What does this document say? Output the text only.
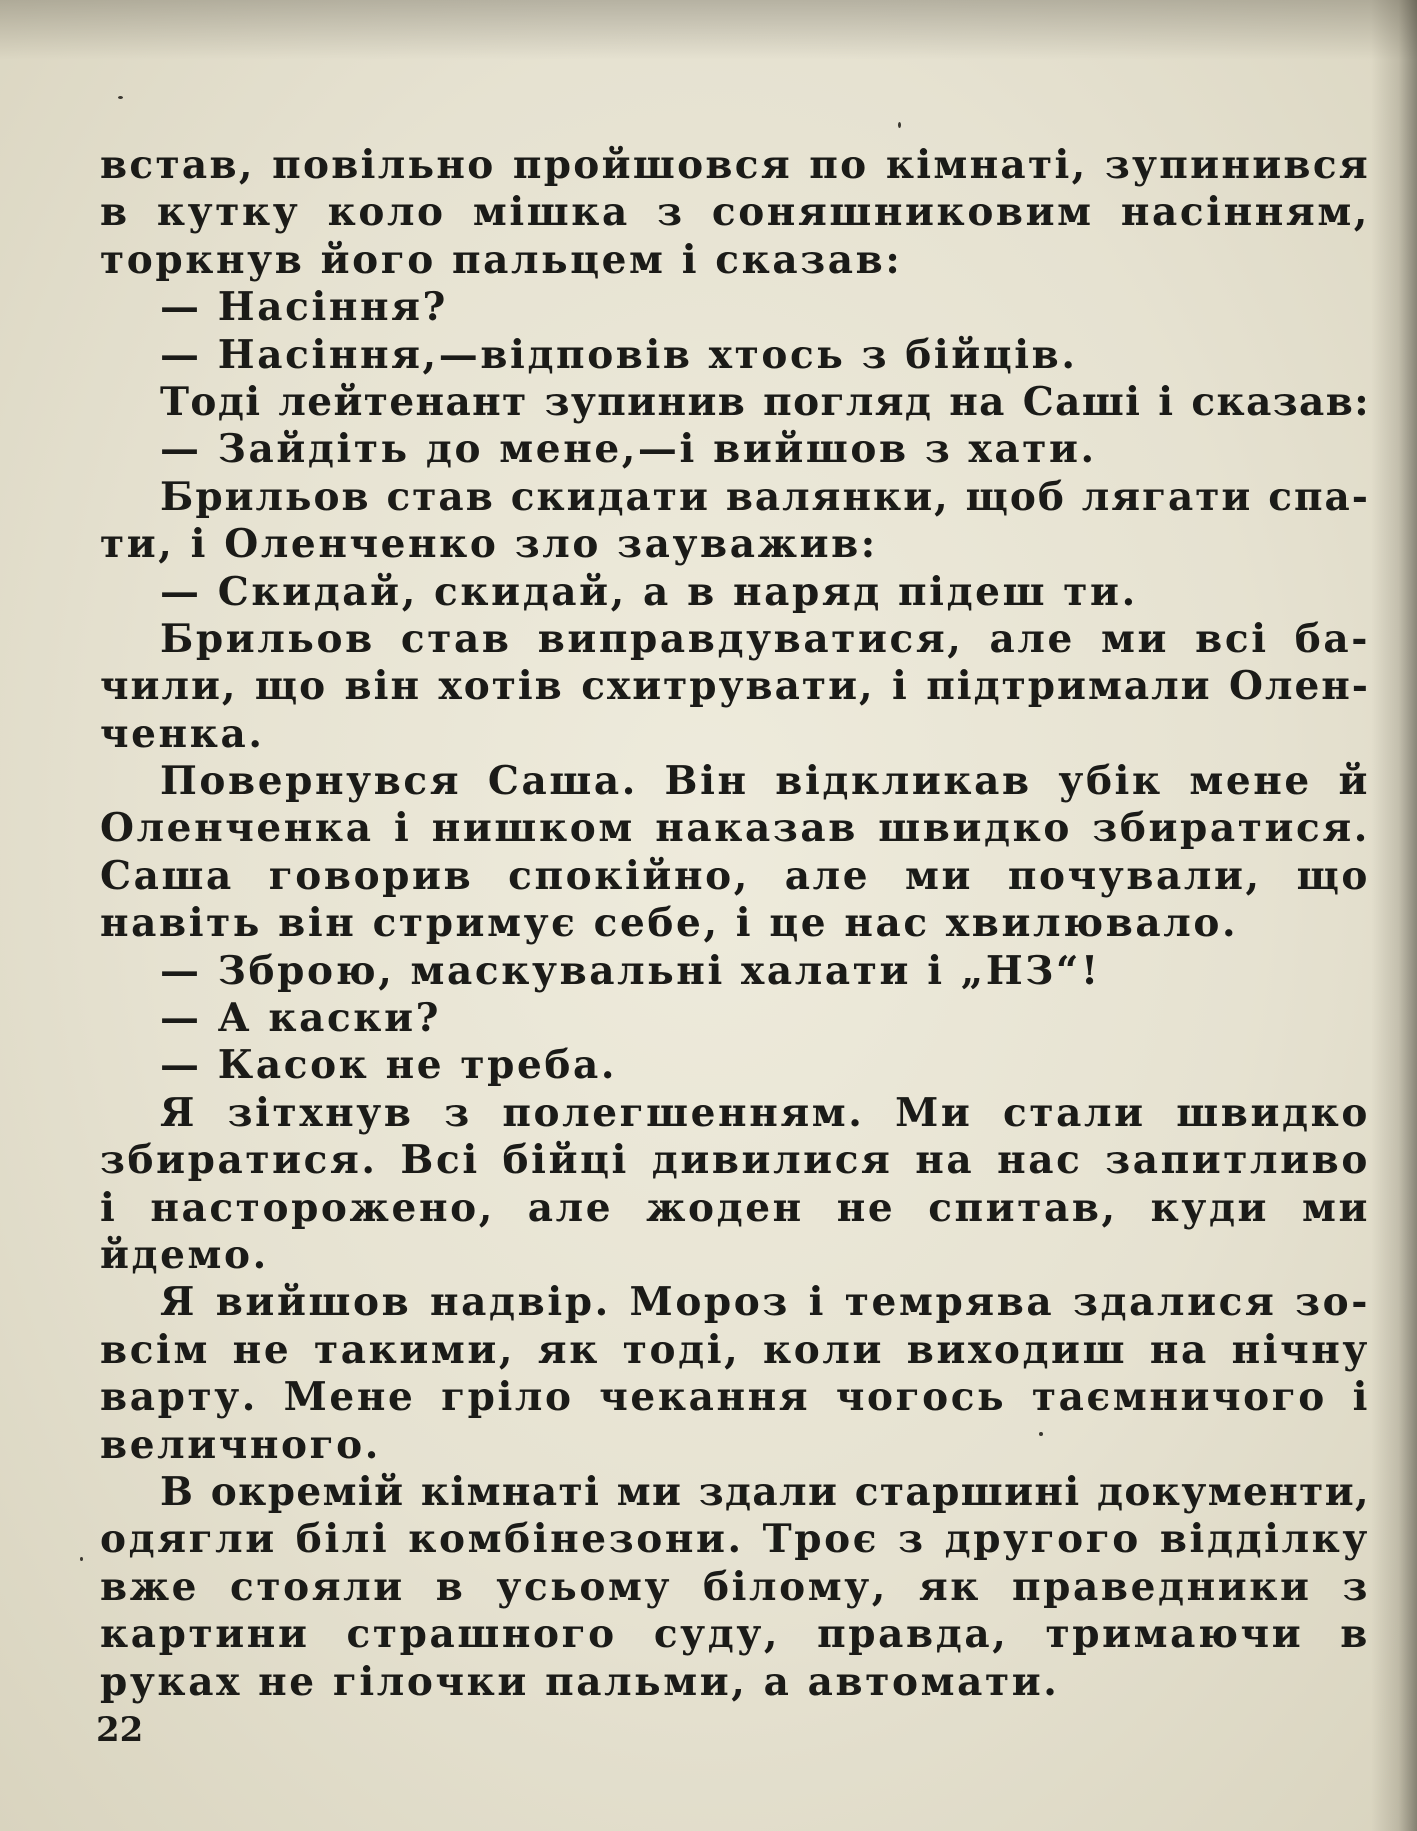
встав, повільно пройшовся по кімнаті, зупинився
в кутку коло мішка з соняшниковим насінням,
торкнув його пальцем і сказав:
— Насіння?
— Насіння,—відповів хтось з бійців.
Тоді лейтенант зупинив погляд на Саші і сказав:
— Зайдіть до мене,—і вийшов з хати.
Брильов став скидати валянки, щоб лягати спа-
ти, і Оленченко зло зауважив:
— Скидай, скидай, а в наряд підеш ти.
Брильов став виправдуватися, але ми всі ба-
чили, що він хотів схитрувати, і підтримали Олен-
ченка.
Повернувся Саша. Він відкликав убік мене й
Оленченка і нишком наказав швидко збиратися.
Саша говорив спокійно, але ми почували, що
навіть він стримує себе, і це нас хвилювало.
— Зброю, маскувальні халати і „НЗ“!
— А каски?
— Касок не треба.
Я зітхнув з полегшенням. Ми стали швидко
збиратися. Всі бійці дивилися на нас запитливо
і насторожено, але жоден не спитав, куди ми
йдемо.
Я вийшов надвір. Мороз і темрява здалися зо-
всім не такими, як тоді, коли виходиш на нічну
варту. Мене гріло чекання чогось таємничого і
величного.
В окремій кімнаті ми здали старшині документи,
одягли білі комбінезони. Троє з другого відділку
вже стояли в усьому білому, як праведники з
картини страшного суду, правда, тримаючи в
руках не гілочки пальми, а автомати.
22
